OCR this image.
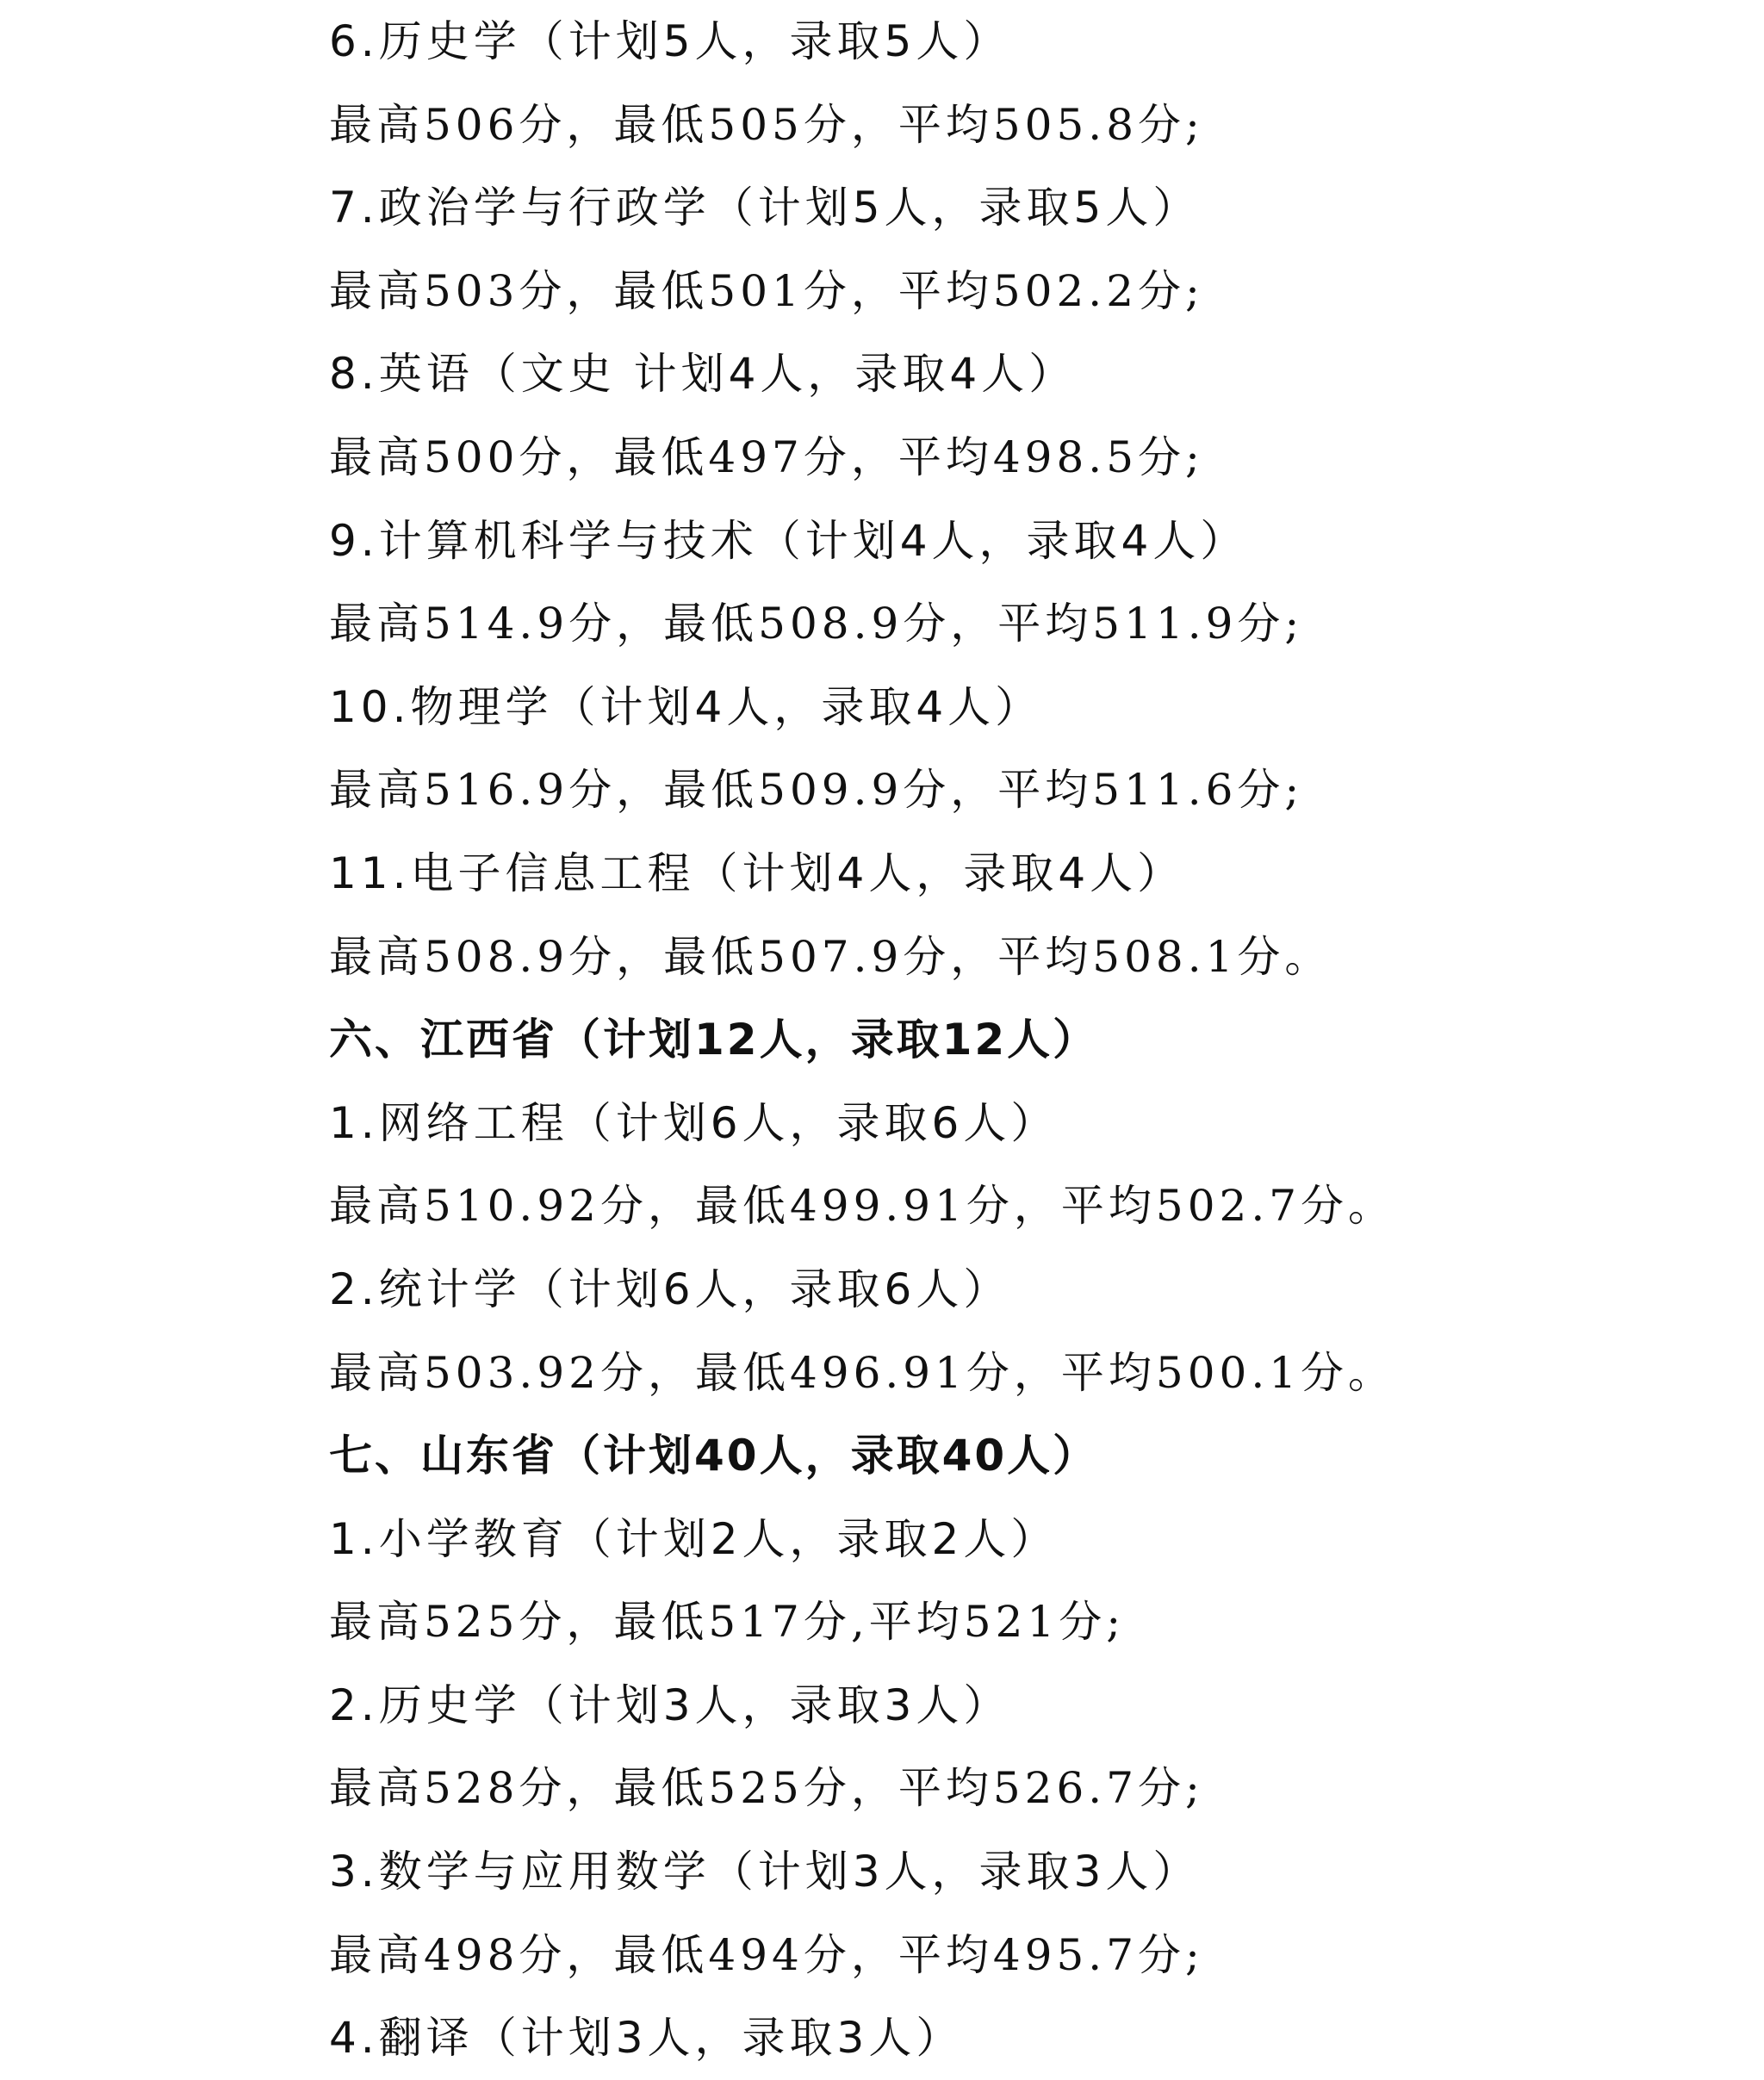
6.历史学（计划5人，录取5人）
最高506分，最低505分，平均505.8分;
7.政治学与行政学（计划5人，录取5人）
最高503分，最低501分，平均502.2分;
8.英语（文史 计划4人，录取4人）
最高500分，最低497分，平均498.5分;
9.计算机科学与技术（计划4人，录取4人）
最高514.9分，最低508.9分，平均511.9分;
10.物理学（计划4人，录取4人）
最高516.9分，最低509.9分，平均511.6分;
11.电子信息工程（计划4人，录取4人）
最高508.9分，最低507.9分，平均508.1分。
六、江西省（计划12人，录取12人）
1.网络工程（计划6人，录取6人）
最高510.92分，最低499.91分，平均502.7分。
2.统计学（计划6人，录取6人）
最高503.92分，最低496.91分，平均500.1分。
七、山东省（计划40人，录取40人）
1.小学教育（计划2人，录取2人）
最高525分，最低517分,平均521分;
2.历史学（计划3人，录取3人）
最高528分，最低525分，平均526.7分;
3.数学与应用数学（计划3人，录取3人）
最高498分，最低494分，平均495.7分;
4.翻译（计划3人，录取3人）
